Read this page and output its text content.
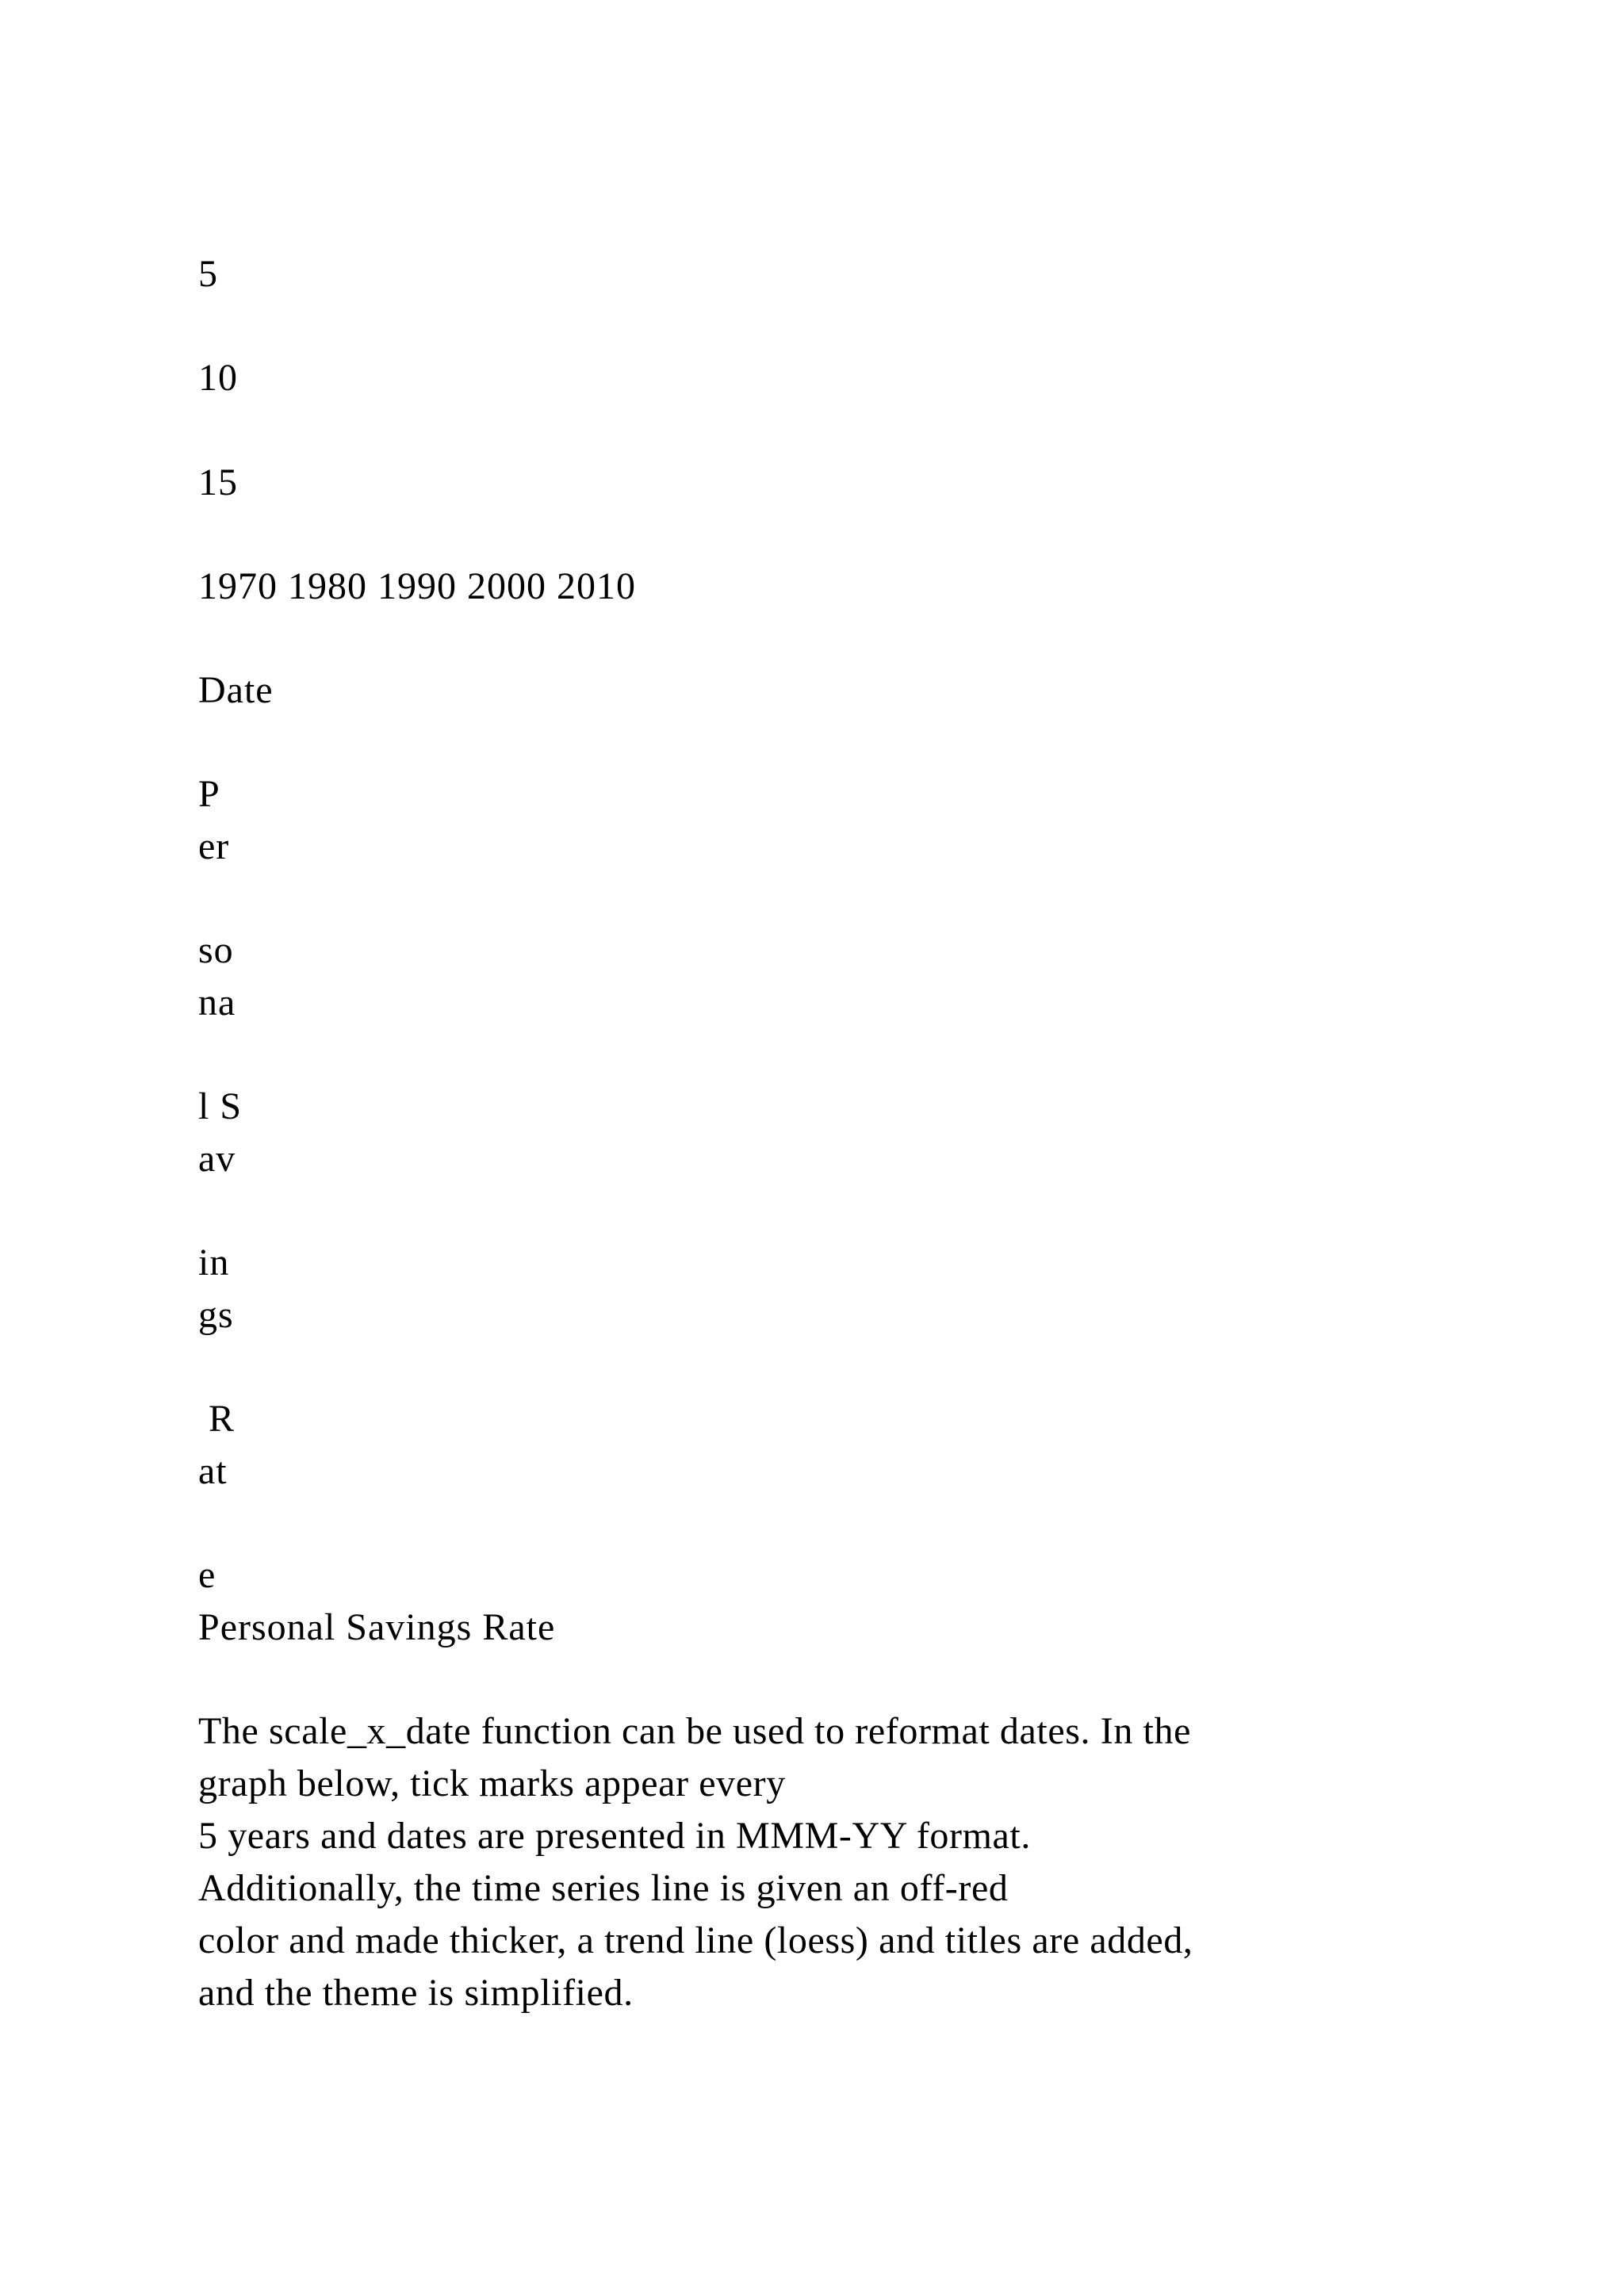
5
10
15
1970 1980 1990 2000 2010
Date
P
er
so
na
l S
av
in
gs
R
at
e
Personal Savings Rate
The scale_x_date function can be used to reformat dates. In the
graph below, tick marks appear every
5 years and dates are presented in MMM-YY format.
Additionally, the time series line is given an off-red
color and made thicker, a trend line (loess) and titles are added,
and the theme is simplified.
